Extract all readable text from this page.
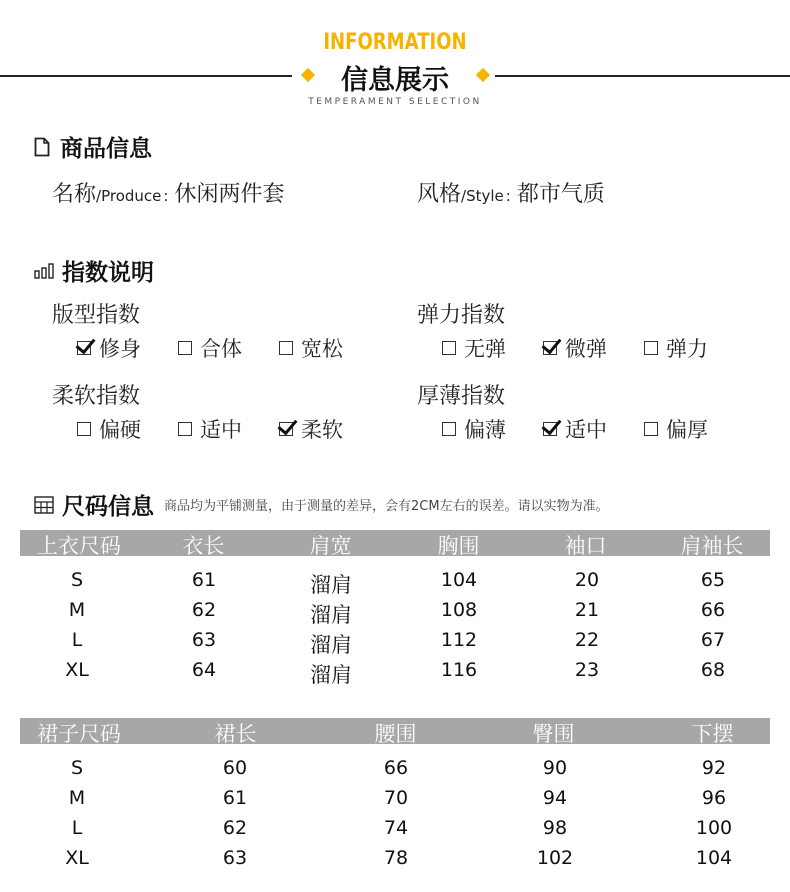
INFORMATION
信息展示
TEMPERAMENT SELECTION
商品信息
名称/Produce : 休闲两件套	风格/Style : 都市气质
指数说明
版型指数
修身	合体	宽松
弹力指数
无弹	微弹	弹力
柔软指数
偏硬	适中	柔软
厚薄指数
偏薄	适中	偏厚
尺码信息 商品均为平铺测量，由于测量的差异，会有2CM左右的误差。请以实物为准。
上衣尺码	衣长	肩宽	胸围	袖口	肩袖长
S	61	溜肩	104	20	65
M	62	溜肩	108	21	66
L	63	溜肩	112	22	67
XL	64	溜肩	116	23	68
裙子尺码	裙长	腰围	臀围	下摆
S	60	66	90	92
M	61	70	94	96
L	62	74	98	100
XL	63	78	102	104
